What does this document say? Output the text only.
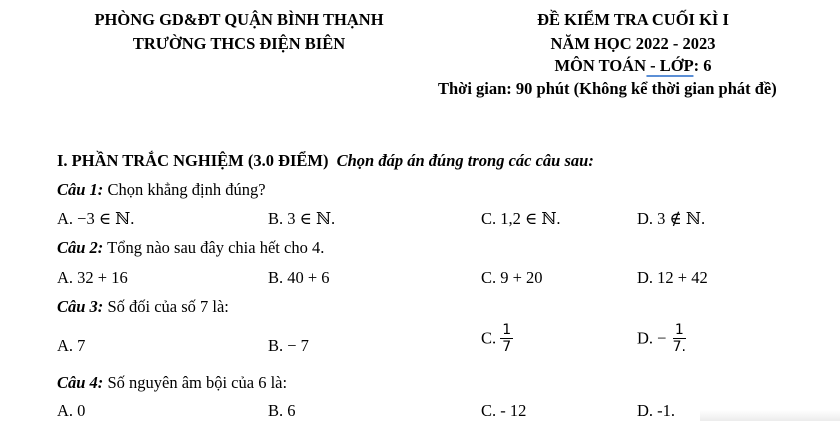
PHÒNG GD&ĐT QUẬN BÌNH THẠNH
TRƯỜNG THCS ĐIỆN BIÊN
ĐỀ KIỂM TRA CUỐI KÌ I
NĂM HỌC 2022 - 2023
MÔN TOÁN - LỚP: 6
Thời gian: 90 phút (Không kể thời gian phát đề)
I. PHẦN TRẮC NGHIỆM (3.0 ĐIỂM) Chọn đáp án đúng trong các câu sau:
Câu 1: Chọn khẳng định đúng?
A. −3 ∈ ℕ.	B. 3 ∈ ℕ.	C. 1,2 ∈ ℕ.	D. 3 ∉ ℕ.
Câu 2: Tổng nào sau đây chia hết cho 4.
A. 32 + 16	B. 40 + 6	C. 9 + 20	D. 12 + 42
Câu 3: Số đối của số 7 là:
A. 7	B. − 7	C. $\frac{1}{7}$	D. − $\frac{1}{7.}$
Câu 4: Số nguyên âm bội của 6 là:
A. 0	B. 6	C. - 12	D. -1.
